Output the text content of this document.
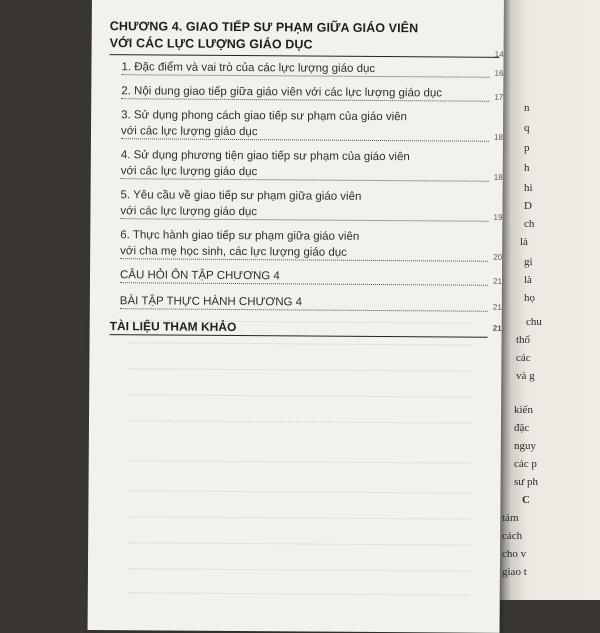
CHƯƠNG 4. GIAO TIẾP SƯ PHẠM GIỮA GIÁO VIÊN
VỚI CÁC LỰC LƯỢNG GIÁO DỤC
14
1. Đặc điểm và vai trò của các lực lượng giáo dục	16
2. Nội dung giao tiếp giữa giáo viên với các lực lượng giáo dục	17
3. Sử dụng phong cách giao tiếp sư phạm của giáo viên
với các lực lượng giáo dục	18
4. Sử dụng phương tiện giao tiếp sư phạm của giáo viên
với các lực lượng giáo dục	18
5. Yêu cầu về giao tiếp sư phạm giữa giáo viên
với các lực lượng giáo dục	19
6. Thực hành giao tiếp sư phạm giữa giáo viên
với cha mẹ học sinh, các lực lượng giáo dục	20
CÂU HỎI ÔN TẬP CHƯƠNG 4	21
BÀI TẬP THỰC HÀNH CHƯƠNG 4	21
TÀI LIỆU THAM KHẢO	21
n
q
p
h
hi
D
ch
là
gi
là
họ
chu
thố
các
và g
kiến
đặc
nguy
các p
sư ph
C
tám
cách
cho v
giao t
